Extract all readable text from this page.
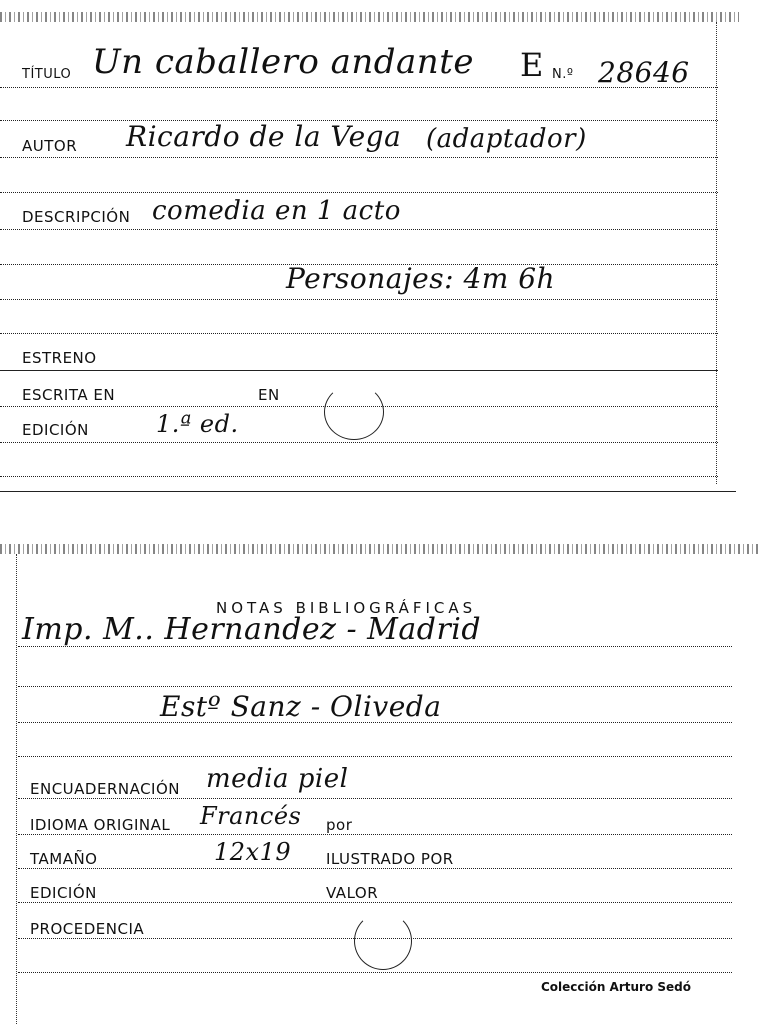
TÍTULO Un caballero andante E N.º 28646
AUTOR Ricardo de la Vega (adaptador)
DESCRIPCIÓN comedia en 1 acto
Personajes: 4m 6h
ESTRENO
ESCRITA EN	EN
EDICIÓN	1.ª ed.
NOTAS BIBLIOGRÁFICAS
Imp. M.. Hernandez - Madrid
Estº Sanz - Oliveda
ENCUADERNACIÓN media piel
IDIOMA ORIGINAL Francés por
TAMAÑO	12x19 ILUSTRADO POR
EDICIÓN	VALOR
PROCEDENCIA
Colección Arturo Sedó
